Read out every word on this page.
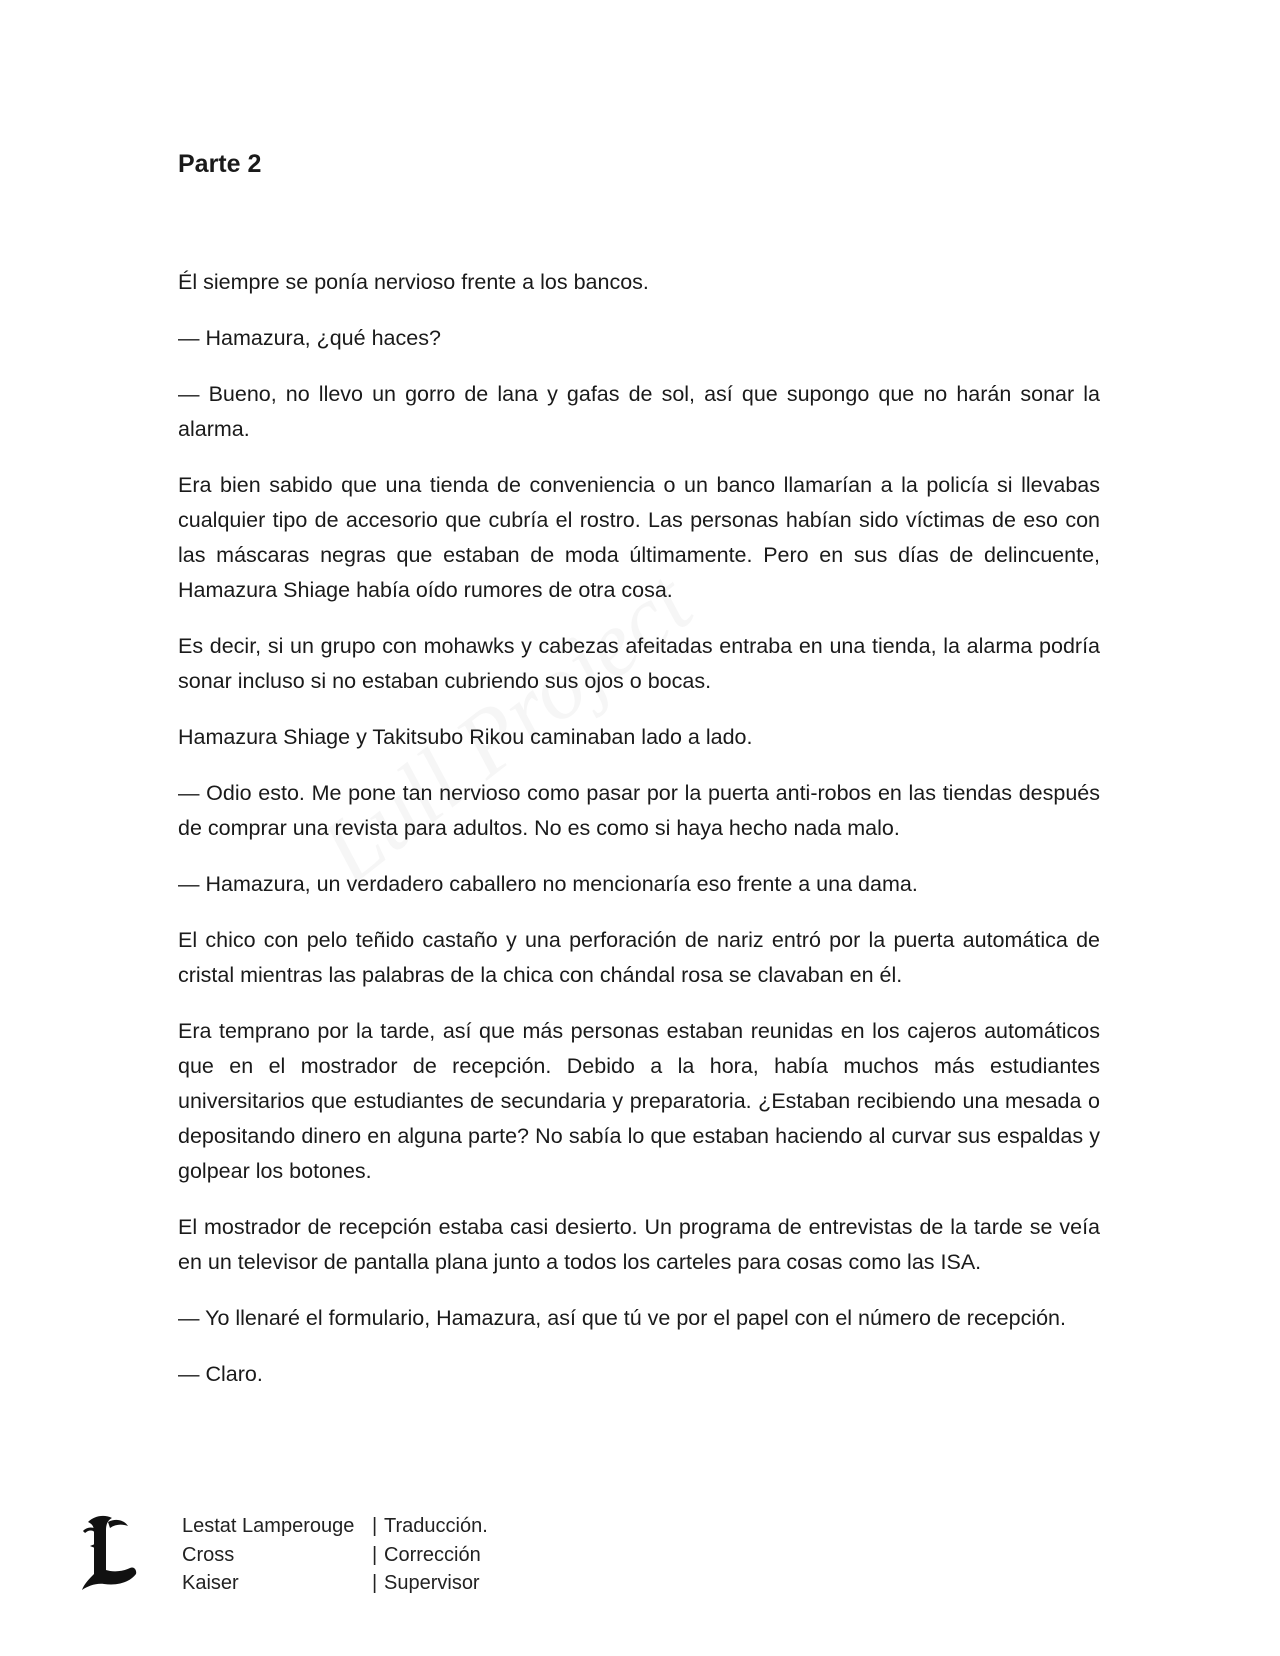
Parte 2

Él siempre se ponía nervioso frente a los bancos.

— Hamazura, ¿qué haces?

— Bueno, no llevo un gorro de lana y gafas de sol, así que supongo que no harán sonar la alarma.

Era bien sabido que una tienda de conveniencia o un banco llamarían a la policía si llevabas cualquier tipo de accesorio que cubría el rostro. Las personas habían sido víctimas de eso con las máscaras negras que estaban de moda últimamente. Pero en sus días de delincuente, Hamazura Shiage había oído rumores de otra cosa.

Es decir, si un grupo con mohawks y cabezas afeitadas entraba en una tienda, la alarma podría sonar incluso si no estaban cubriendo sus ojos o bocas.

Hamazura Shiage y Takitsubo Rikou caminaban lado a lado.

— Odio esto. Me pone tan nervioso como pasar por la puerta anti-robos en las tiendas después de comprar una revista para adultos. No es como si haya hecho nada malo.

— Hamazura, un verdadero caballero no mencionaría eso frente a una dama.

El chico con pelo teñido castaño y una perforación de nariz entró por la puerta automática de cristal mientras las palabras de la chica con chándal rosa se clavaban en él.

Era temprano por la tarde, así que más personas estaban reunidas en los cajeros automáticos que en el mostrador de recepción. Debido a la hora, había muchos más estudiantes universitarios que estudiantes de secundaria y preparatoria. ¿Estaban recibiendo una mesada o depositando dinero en alguna parte? No sabía lo que estaban haciendo al curvar sus espaldas y golpear los botones.

El mostrador de recepción estaba casi desierto. Un programa de entrevistas de la tarde se veía en un televisor de pantalla plana junto a todos los carteles para cosas como las ISA.

— Yo llenaré el formulario, Hamazura, así que tú ve por el papel con el número de recepción.

— Claro.

Lestat Lamperouge | Traducción.
Cross	| Corrección
Kaiser	| Supervisor
